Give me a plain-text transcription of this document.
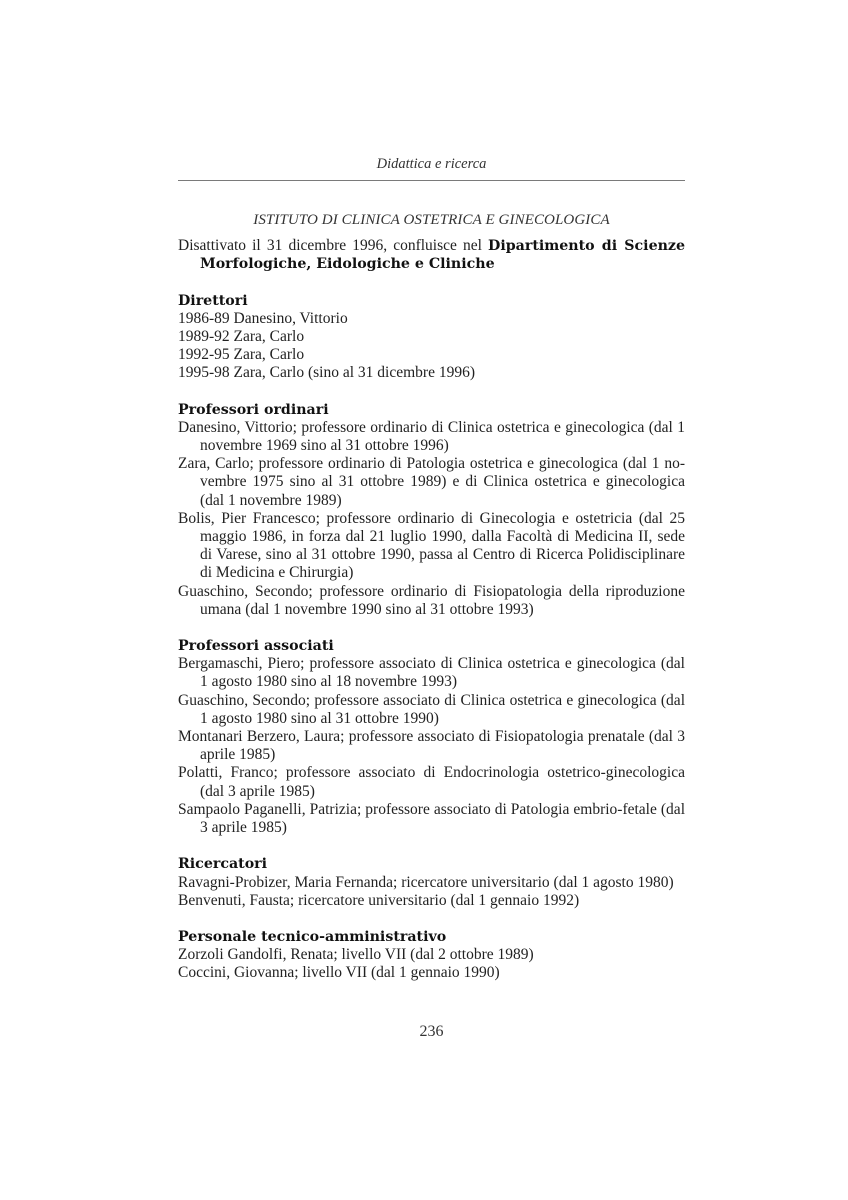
Didattica e ricerca

ISTITUTO DI CLINICA OSTETRICA E GINECOLOGICA

Disattivato il 31 dicembre 1996, confluisce nel Dipartimento di Scienze Morfologiche, Eidologiche e Cliniche

Direttori

1986-89 Danesino, Vittorio

1989-92 Zara, Carlo

1992-95 Zara, Carlo

1995-98 Zara, Carlo (sino al 31 dicembre 1996)

Professori ordinari

Danesino, Vittorio; professore ordinario di Clinica ostetrica e ginecologica (dal 1 novembre 1969 sino al 31 ottobre 1996)

Zara, Carlo; professore ordinario di Patologia ostetrica e ginecologica (dal 1 novembre 1975 sino al 31 ottobre 1989) e di Clinica ostetrica e ginecologica (dal 1 novembre 1989)

Bolis, Pier Francesco; professore ordinario di Ginecologia e ostetricia (dal 25 maggio 1986, in forza dal 21 luglio 1990, dalla Facoltà di Medicina II, sede di Varese, sino al 31 ottobre 1990, passa al Centro di Ricerca Polidisciplinare di Medicina e Chirurgia)

Guaschino, Secondo; professore ordinario di Fisiopatologia della riproduzione umana (dal 1 novembre 1990 sino al 31 ottobre 1993)

Professori associati

Bergamaschi, Piero; professore associato di Clinica ostetrica e ginecologica (dal 1 agosto 1980 sino al 18 novembre 1993)

Guaschino, Secondo; professore associato di Clinica ostetrica e ginecologica (dal 1 agosto 1980 sino al 31 ottobre 1990)

Montanari Berzero, Laura; professore associato di Fisiopatologia prenatale (dal 3 aprile 1985)

Polatti, Franco; professore associato di Endocrinologia ostetrico-ginecologica (dal 3 aprile 1985)

Sampaolo Paganelli, Patrizia; professore associato di Patologia embrio-fetale (dal 3 aprile 1985)

Ricercatori

Ravagni-Probizer, Maria Fernanda; ricercatore universitario (dal 1 agosto 1980)

Benvenuti, Fausta; ricercatore universitario (dal 1 gennaio 1992)

Personale tecnico-amministrativo

Zorzoli Gandolfi, Renata; livello VII (dal 2 ottobre 1989)

Coccini, Giovanna; livello VII (dal 1 gennaio 1990)

236
